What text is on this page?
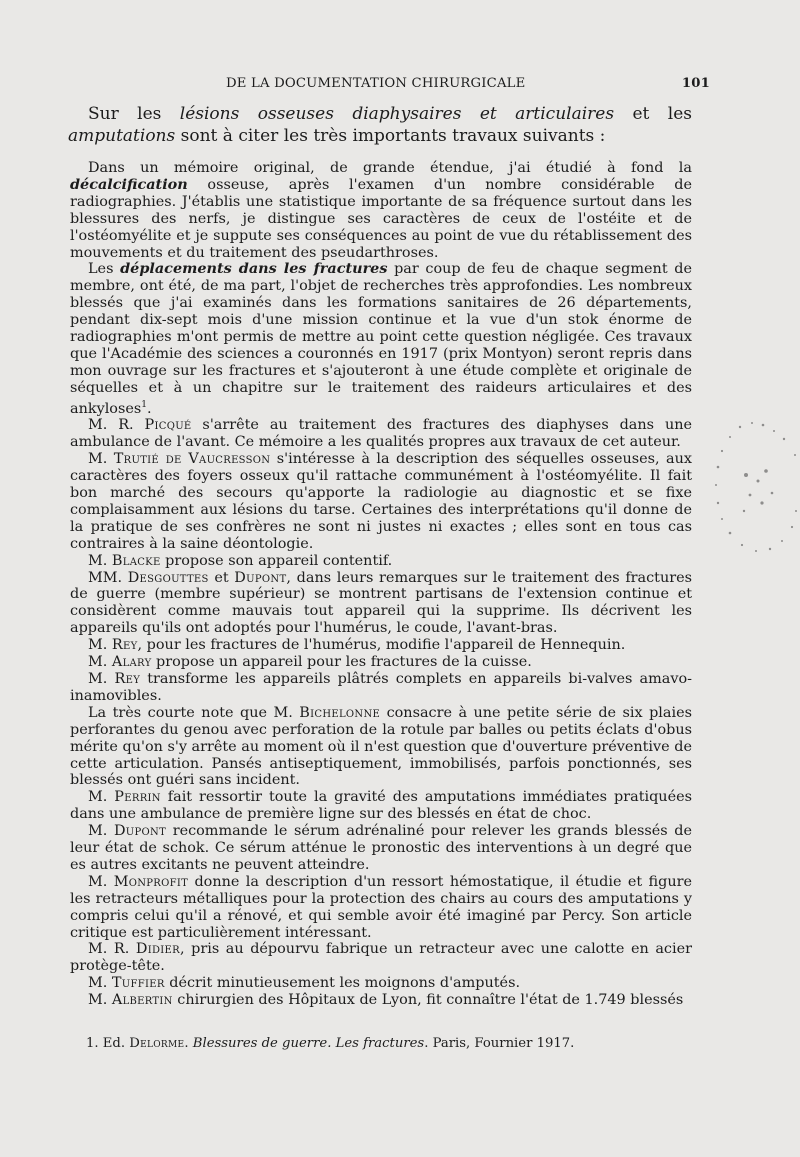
DE LA DOCUMENTATION CHIRURGICALE	101
Sur les lésions osseuses diaphysaires et articulaires et les amputations sont à citer les très importants travaux suivants :

Dans un mémoire original, de grande étendue, j'ai étudié à fond la décalcification osseuse, après l'examen d'un nombre considérable de radiographies. J'établis une statistique importante de sa fréquence surtout dans les blessures des nerfs, je distingue ses caractères de ceux de l'ostéite et de l'ostéomyélite et je suppute ses conséquences au point de vue du rétablissement des mouvements et du traitement des pseudarthroses.

Les déplacements dans les fractures par coup de feu de chaque segment de membre, ont été, de ma part, l'objet de recherches très approfondies. Les nombreux blessés que j'ai examinés dans les formations sanitaires de 26 départements, pendant dix-sept mois d'une mission continue et la vue d'un stok énorme de radiographies m'ont permis de mettre au point cette question négligée. Ces travaux que l'Académie des sciences a couronnés en 1917 (prix Montyon) seront repris dans mon ouvrage sur les fractures et s'ajouteront à une étude complète et originale de séquelles et à un chapitre sur le traitement des raideurs articulaires et des ankyloses$^1$.

M. R. Picqué s'arrête au traitement des fractures des diaphyses dans une ambulance de l'avant. Ce mémoire a les qualités propres aux travaux de cet auteur.

M. Trutié de Vaucresson s'intéresse à la description des séquelles osseuses, aux caractères des foyers osseux qu'il rattache communément à l'ostéomyélite. Il fait bon marché des secours qu'apporte la radiologie au diagnostic et se fixe complaisamment aux lésions du tarse. Certaines des interprétations qu'il donne de la pratique de ses confrères ne sont ni justes ni exactes ; elles sont en tous cas contraires à la saine déontologie.

M. Blacke propose son appareil contentif.

MM. Desgouttes et Dupont, dans leurs remarques sur le traitement des fractures de guerre (membre supérieur) se montrent partisans de l'extension continue et considèrent comme mauvais tout appareil qui la supprime. Ils décrivent les appareils qu'ils ont adoptés pour l'humérus, le coude, l'avant-bras.

M. Rey, pour les fractures de l'humérus, modifie l'appareil de Hennequin.

M. Alary propose un appareil pour les fractures de la cuisse.

M. Rey transforme les appareils plâtrés complets en appareils bi-valves amavo-inamovibles.

La très courte note que M. Bichelonne consacre à une petite série de six plaies perforantes du genou avec perforation de la rotule par balles ou petits éclats d'obus mérite qu'on s'y arrête au moment où il n'est question que d'ouverture préventive de cette articulation. Pansés antiseptiquement, immobilisés, parfois ponctionnés, ses blessés ont guéri sans incident.

M. Perrin fait ressortir toute la gravité des amputations immédiates pratiquées dans une ambulance de première ligne sur des blessés en état de choc.

M. Dupont recommande le sérum adrénaliné pour relever les grands blessés de leur état de schok. Ce sérum atténue le pronostic des interventions à un degré que es autres excitants ne peuvent atteindre.

M. Monprofit donne la description d'un ressort hémostatique, il étudie et figure les retracteurs métalliques pour la protection des chairs au cours des amputations y compris celui qu'il a rénové, et qui semble avoir été imaginé par Percy. Son article critique est particulièrement intéressant.

M. R. Didier, pris au dépourvu fabrique un retracteur avec une calotte en acier protège-tête.

M. Tuffier décrit minutieusement les moignons d'amputés.

M. Albertin chirurgien des Hôpitaux de Lyon, fit connaître l'état de 1.749 blessés

1. Ed. Delorme. Blessures de guerre. Les fractures. Paris, Fournier 1917.
